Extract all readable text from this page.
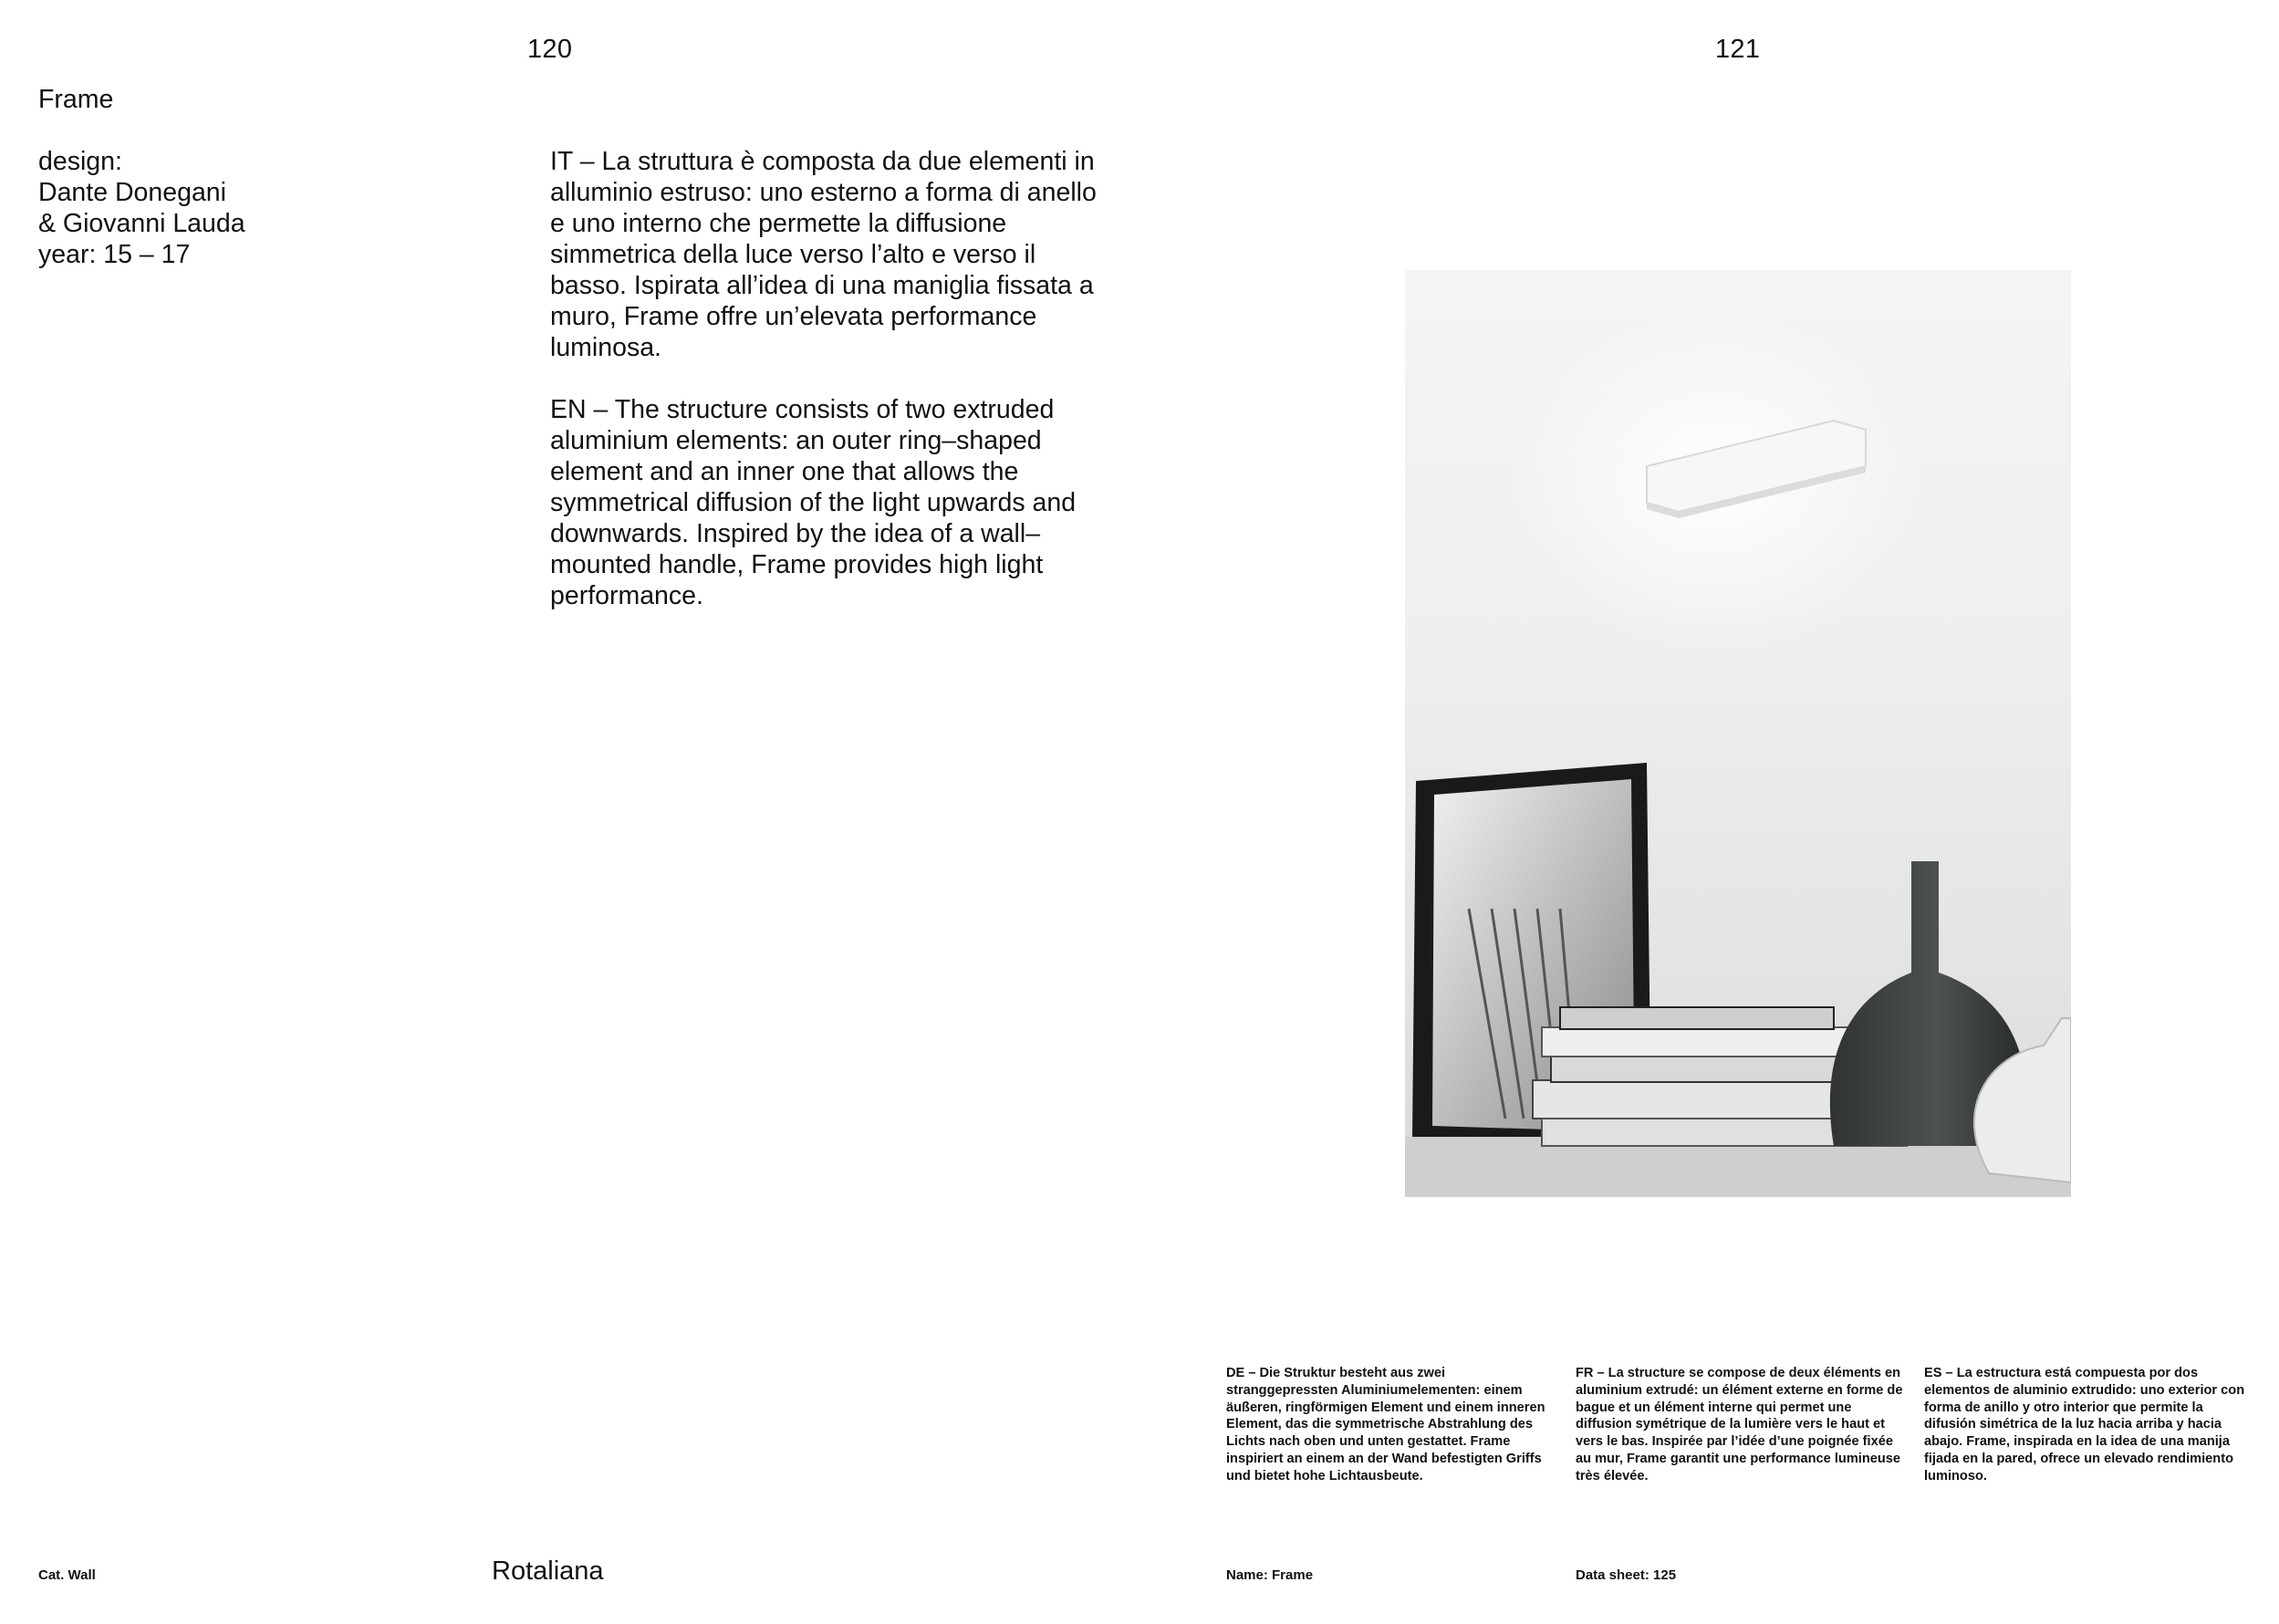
120	121
Frame
design:
Dante Donegani
& Giovanni Lauda
year: 15 – 17

IT – La struttura è composta da due elementi in alluminio estruso: uno esterno a forma di anello e uno interno che permette la diffusione simmetrica della luce verso l’alto e verso il basso. Ispirata all’idea di una maniglia fissata a muro, Frame offre un’elevata performance luminosa.

EN – The structure consists of two extruded aluminium elements: an outer ring–shaped element and an inner one that allows the symmetrical diffusion of the light upwards and downwards. Inspired by the idea of a wall–mounted handle, Frame provides high light performance.

DE – Die Struktur besteht aus zwei stranggepressten Aluminiumelementen: einem äußeren, ringförmigen Element und einem inneren Element, das die symmetrische Abstrahlung des Lichts nach oben und unten gestattet. Frame inspiriert an einem an der Wand befestigten Griffs und bietet hohe Lichtausbeute.
FR – La structure se compose de deux éléments en aluminium extrudé: un élément externe en forme de bague et un élément interne qui permet une diffusion symétrique de la lumière vers le haut et vers le bas. Inspirée par l’idée d’une poignée fixée au mur, Frame garantit une performance lumineuse très élevée.
ES – La estructura está compuesta por dos elementos de aluminio extrudido: uno exterior con forma de anillo y otro interior que permite la difusión simétrica de la luz hacia arriba y hacia abajo. Frame, inspirada en la idea de una manija fijada en la pared, ofrece un elevado rendimiento luminoso.
Cat. Wall	Rotaliana	Name: Frame	Data sheet: 125
